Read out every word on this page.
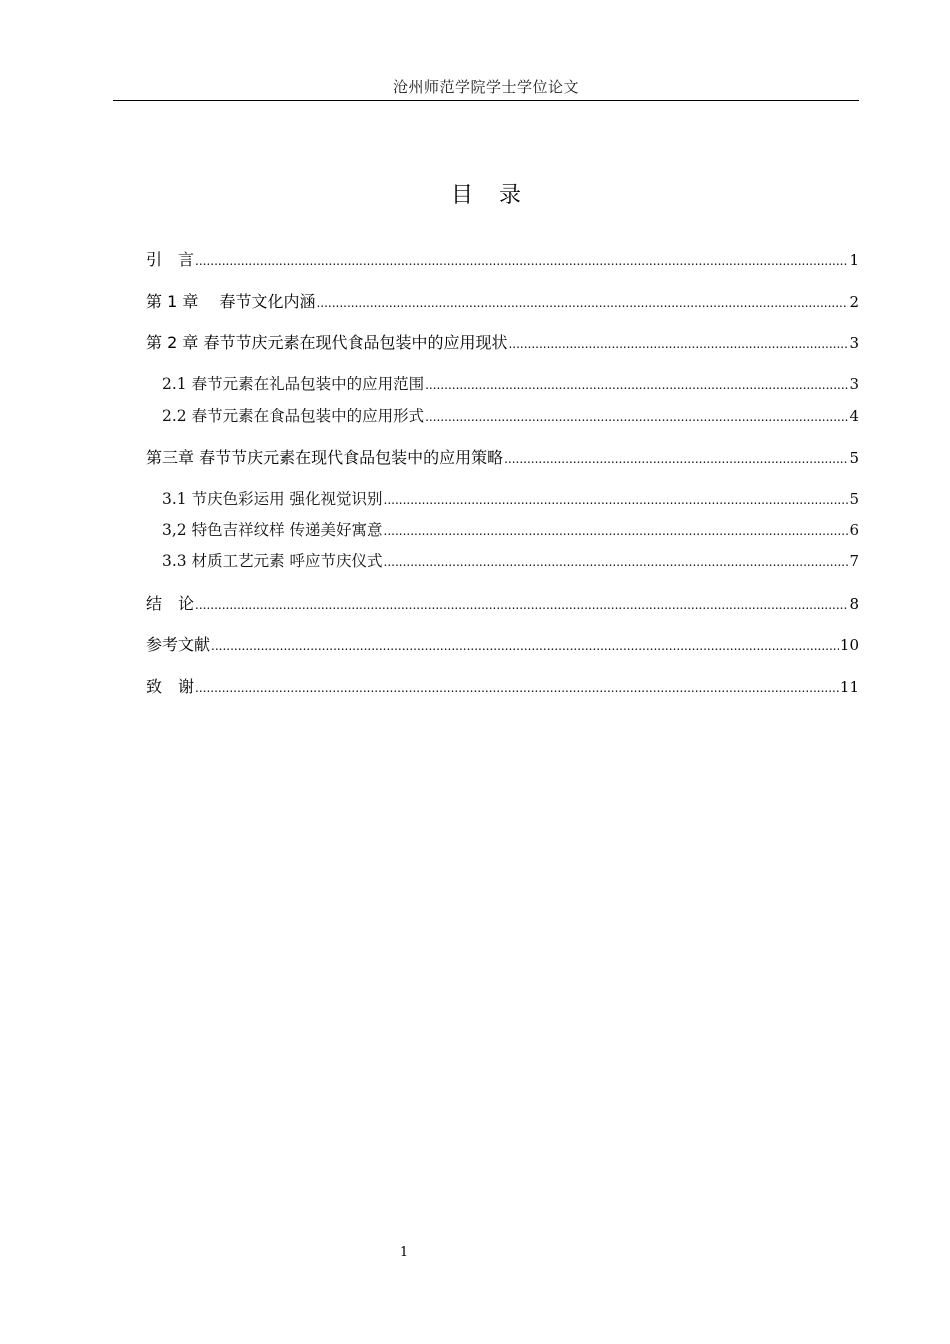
沧州师范学院学士学位论文
目录
引　言 .....	1
第 1 章　 春节文化内涵 .....	2
第 2 章 春节节庆元素在现代食品包装中的应用现状 .....	3
2.1 春节元素在礼品包装中的应用范围 .....	3
2.2 春节元素在食品包装中的应用形式 .....	4
第三章 春节节庆元素在现代食品包装中的应用策略 .....	5
3.1 节庆色彩运用 强化视觉识别 .....	5
3,2 特色吉祥纹样 传递美好寓意 .....	6
3.3 材质工艺元素 呼应节庆仪式 .....	7
结　论 .....	8
参考文献 .....	10
致　谢 .....	11
1
